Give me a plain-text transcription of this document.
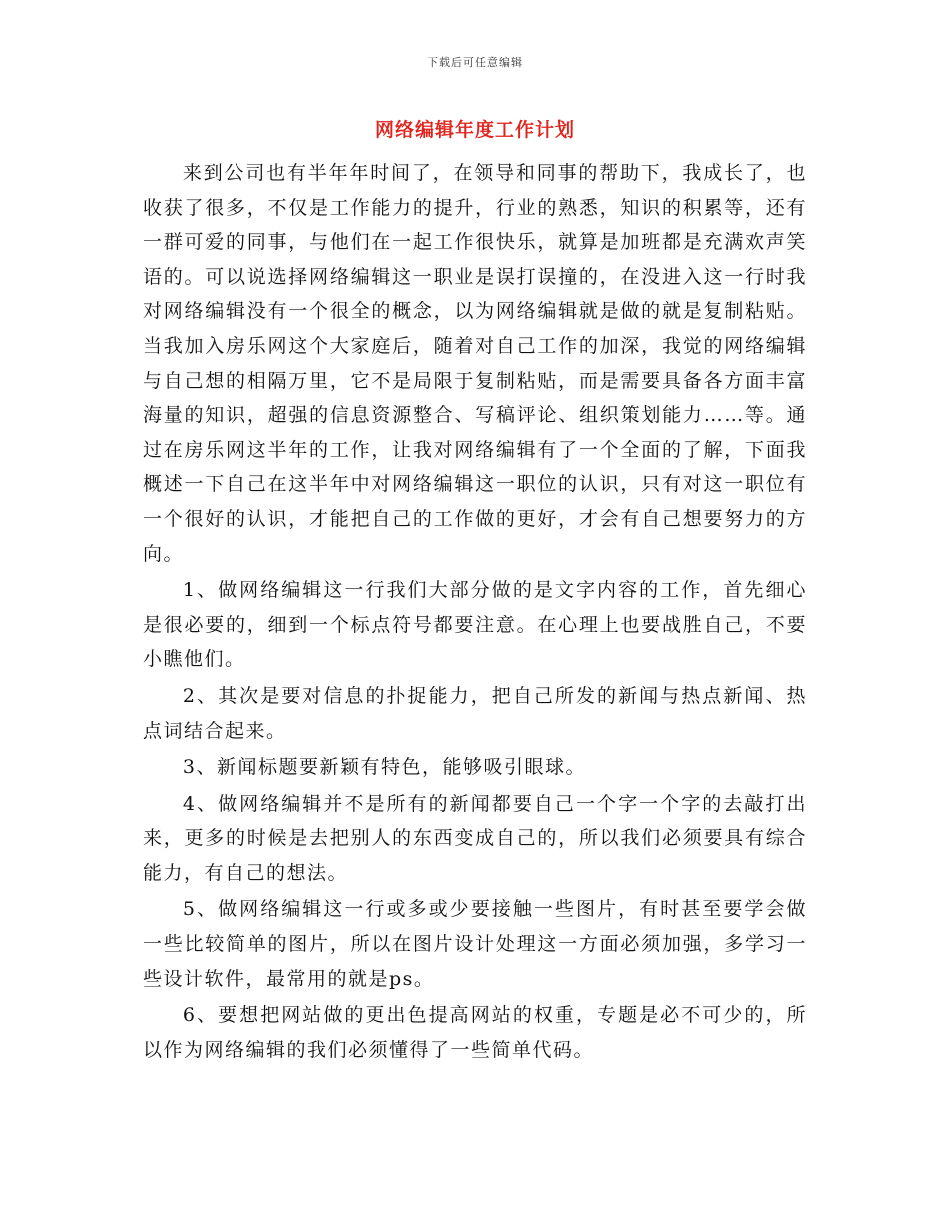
下载后可任意编辑
网络编辑年度工作计划

来到公司也有半年年时间了，在领导和同事的帮助下，我成长了，也收获了很多，不仅是工作能力的提升，行业的熟悉，知识的积累等，还有一群可爱的同事，与他们在一起工作很快乐，就算是加班都是充满欢声笑语的。可以说选择网络编辑这一职业是误打误撞的，在没进入这一行时我对网络编辑没有一个很全的概念，以为网络编辑就是做的就是复制粘贴。当我加入房乐网这个大家庭后，随着对自己工作的加深，我觉的网络编辑与自己想的相隔万里，它不是局限于复制粘贴，而是需要具备各方面丰富海量的知识，超强的信息资源整合、写稿评论、组织策划能力……等。通过在房乐网这半年的工作，让我对网络编辑有了一个全面的了解，下面我概述一下自己在这半年中对网络编辑这一职位的认识，只有对这一职位有一个很好的认识，才能把自己的工作做的更好，才会有自己想要努力的方向。

1、做网络编辑这一行我们大部分做的是文字内容的工作，首先细心是很必要的，细到一个标点符号都要注意。在心理上也要战胜自己，不要小瞧他们。

2、其次是要对信息的扑捉能力，把自己所发的新闻与热点新闻、热点词结合起来。

3、新闻标题要新颖有特色，能够吸引眼球。

4、做网络编辑并不是所有的新闻都要自己一个字一个字的去敲打出来，更多的时候是去把别人的东西变成自己的，所以我们必须要具有综合能力，有自己的想法。

5、做网络编辑这一行或多或少要接触一些图片，有时甚至要学会做一些比较简单的图片，所以在图片设计处理这一方面必须加强，多学习一些设计软件，最常用的就是ps。

6、要想把网站做的更出色提高网站的权重，专题是必不可少的，所以作为网络编辑的我们必须懂得了一些简单代码。
